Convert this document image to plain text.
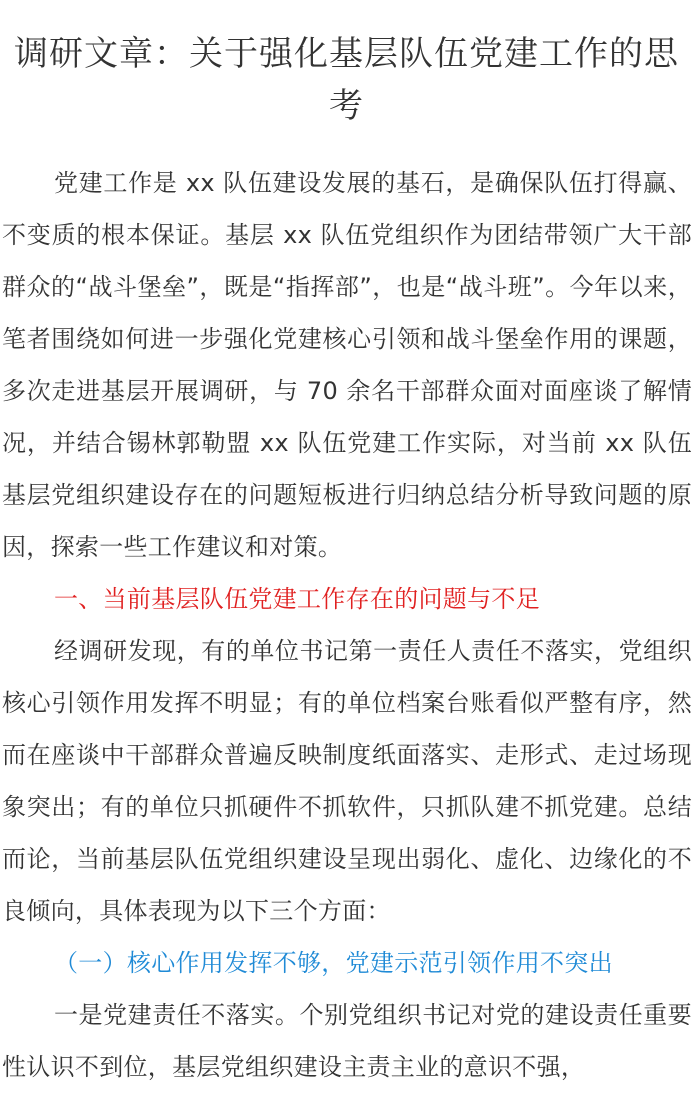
调研文章：关于强化基层队伍党建工作的思考

党建工作是 xx 队伍建设发展的基石，是确保队伍打得赢、不变质的根本保证。基层 xx 队伍党组织作为团结带领广大干部群众的“战斗堡垒”，既是“指挥部”，也是“战斗班”。今年以来，笔者围绕如何进一步强化党建核心引领和战斗堡垒作用的课题，多次走进基层开展调研，与 70 余名干部群众面对面座谈了解情况，并结合锡林郭勒盟 xx 队伍党建工作实际，对当前 xx 队伍基层党组织建设存在的问题短板进行归纳总结分析导致问题的原因，探索一些工作建议和对策。

一、当前基层队伍党建工作存在的问题与不足

经调研发现，有的单位书记第一责任人责任不落实，党组织核心引领作用发挥不明显；有的单位档案台账看似严整有序，然而在座谈中干部群众普遍反映制度纸面落实、走形式、走过场现象突出；有的单位只抓硬件不抓软件，只抓队建不抓党建。总结而论，当前基层队伍党组织建设呈现出弱化、虚化、边缘化的不良倾向，具体表现为以下三个方面：

（一）核心作用发挥不够，党建示范引领作用不突出

一是党建责任不落实。个别党组织书记对党的建设责任重要性认识不到位，基层党组织建设主责主业的意识不强，
